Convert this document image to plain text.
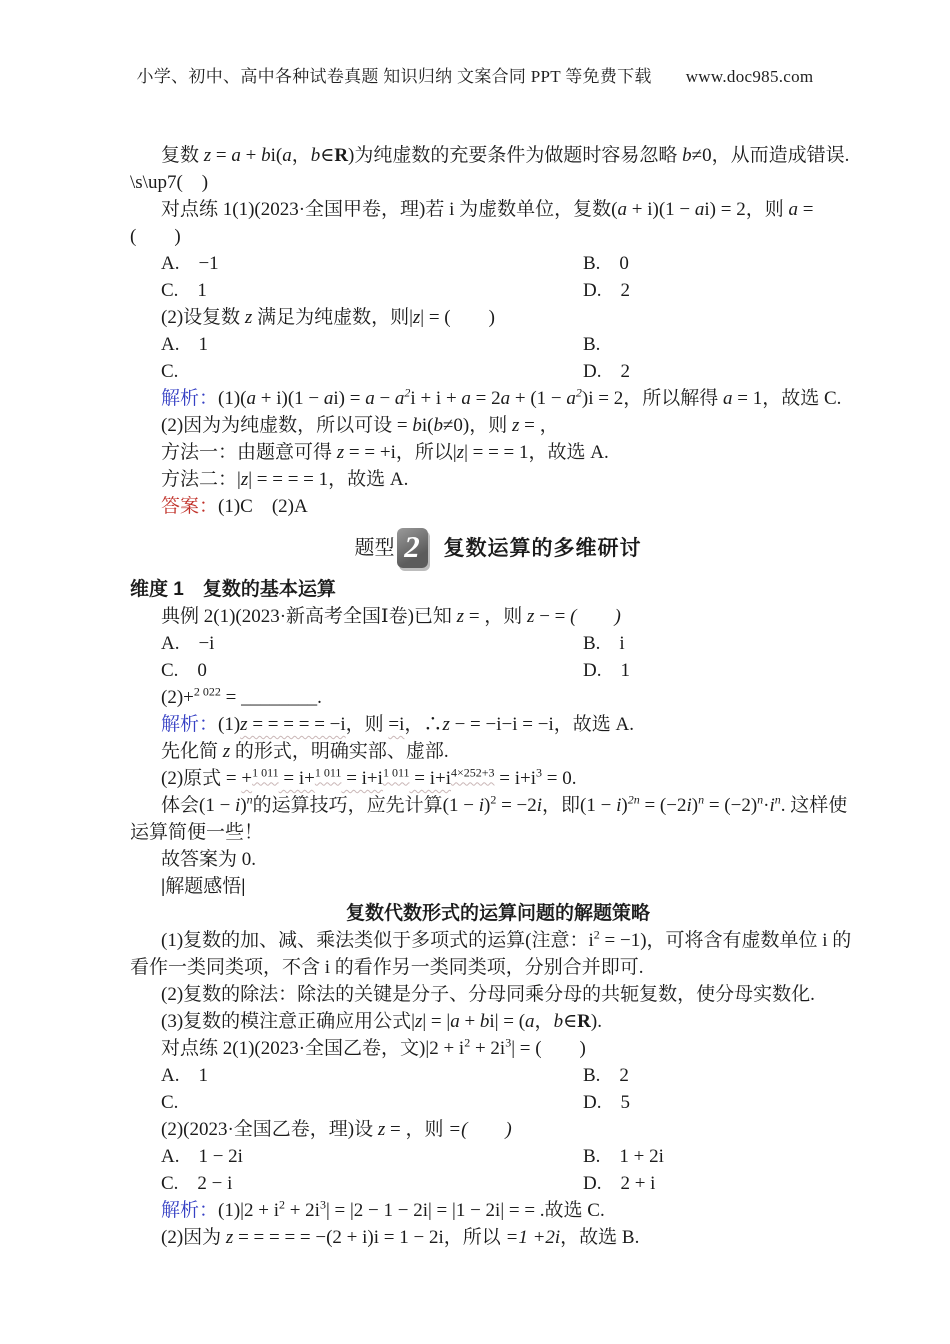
小学、初中、高中各种试卷真题 知识归纳 文案合同 PPT 等免费下载 www.doc985.com

复数 z = a + bi(a，b∈R)为纯虚数的充要条件为做题时容易忽略 b≠0，从而造成错误.

\s\up7(　)

对点练 1(1)(2023·全国甲卷，理)若 i 为虚数单位，复数(a + i)(1 − ai) = 2，则 a = (　　)

A.　−1	B.　0

C.　1	D.　2

(2)设复数 z 满足为纯虚数，则|z| = (　　)

A.　1	B.

C.	D.　2

解析：$(1)(a + i)(1 - ai) = a - a^2i + i + a = 2a + (1 - a^2)i = 2$，所以解得 a = 1，故选 C.

(2)因为为纯虚数，所以可设 = bi(b≠0)，则 z = ，

方法一：由题意可得 z = = +i，所以|z| = = = 1，故选 A.

方法二：|z| = = = = 1，故选 A.

答案：(1)C　(2)A

题型 2	复数运算的多维研讨

维度 1　复数的基本运算

典例 2(1)(2023·新高考全国Ⅰ卷)已知 z = ，则 z − = (　　)

A.　−i	B.　i

C.　0	D.　1

(2)+$^{2 022}$ = ________.

解析：(1)z = = = = = −i，则 =i，∴z − = −i−i = −i，故选 A.

先化简 z 的形式，明确实部、虚部.

(2)原式 = $+^{1 011} = i+^{1 011} = i+i^{1 011} = i+i^{4\times 252+3} = i+i^3 = 0$.

体会$(1 - i)^n$的运算技巧，应先计算$(1 - i)^2 = -2i$，即$(1 - i)^{2n} = (-2i)^n = (-2)^n\cdot i^n$. 这样使

运算简便一些！

故答案为 0.

|解题感悟|

复数代数形式的运算问题的解题策略

(1)复数的加、减、乘法类似于多项式的运算(注意：$i^2 = -1$)，可将含有虚数单位 i 的

看作一类同类项，不含 i 的看作另一类同类项，分别合并即可.

(2)复数的除法：除法的关键是分子、分母同乘分母的共轭复数，使分母实数化.

(3)复数的模注意正确应用公式|z| = |a + bi| = (a，b∈R).

对点练 2(1)(2023·全国乙卷，文)$|2 + i^2 + 2i^3|$ = (　　)

A.　1	B.　2

C.	D.　5

(2)(2023·全国乙卷，理)设 z = ，则 =(　　)

A.　1 − 2i	B.　1 + 2i

C.　2 − i	D.　2 + i

解析：$(1)|2 + i^2 + 2i^3| = |2 - 1 - 2i| = |1 - 2i|$ = = .故选 C.

(2)因为 z = = = = = −(2 + i)i = 1 − 2i，所以 =1 +2i，故选 B.
